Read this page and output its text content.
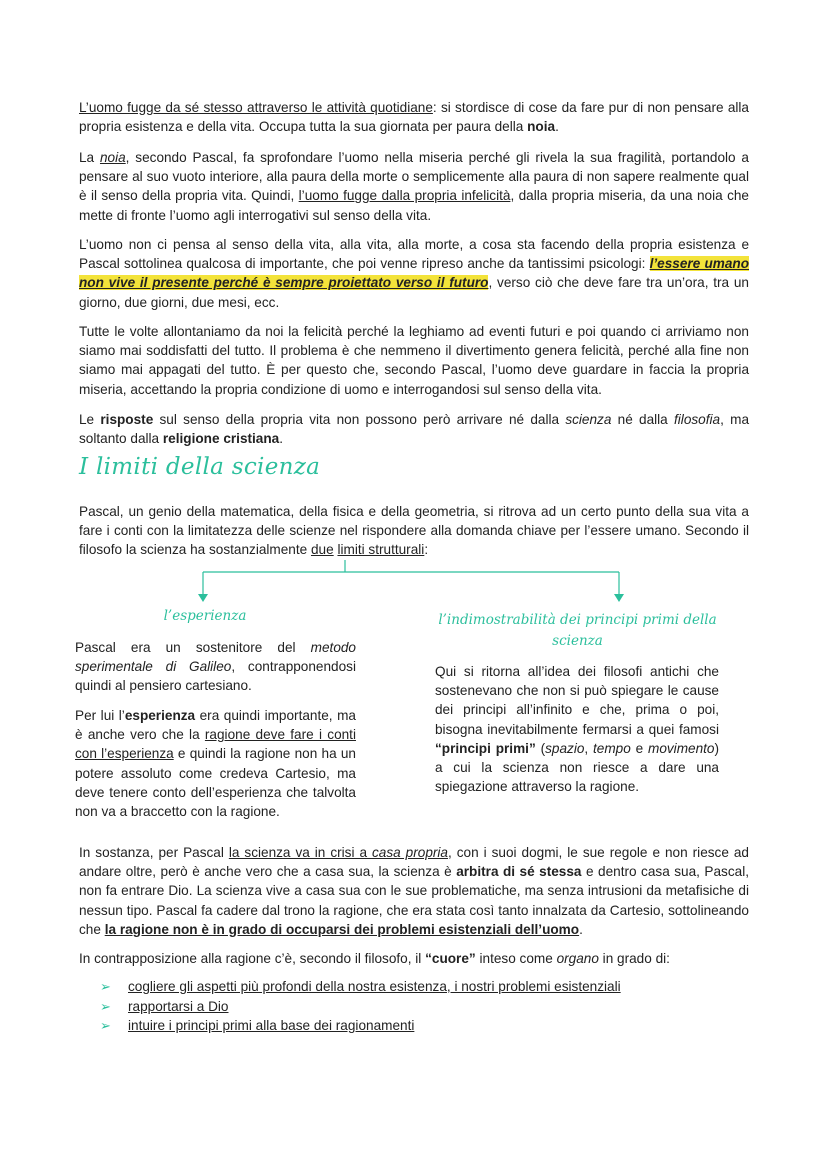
L’uomo fugge da sé stesso attraverso le attività quotidiane: si stordisce di cose da fare pur di non pensare alla propria esistenza e della vita. Occupa tutta la sua giornata per paura della noia.

La noia, secondo Pascal, fa sprofondare l’uomo nella miseria perché gli rivela la sua fragilità, portandolo a pensare al suo vuoto interiore, alla paura della morte o semplicemente alla paura di non sapere realmente qual è il senso della propria vita. Quindi, l’uomo fugge dalla propria infelicità, dalla propria miseria, da una noia che mette di fronte l’uomo agli interrogativi sul senso della vita.

L’uomo non ci pensa al senso della vita, alla vita, alla morte, a cosa sta facendo della propria esistenza e Pascal sottolinea qualcosa di importante, che poi venne ripreso anche da tantissimi psicologi: l’essere umano non vive il presente perché è sempre proiettato verso il futuro, verso ciò che deve fare tra un’ora, tra un giorno, due giorni, due mesi, ecc.

Tutte le volte allontaniamo da noi la felicità perché la leghiamo ad eventi futuri e poi quando ci arriviamo non siamo mai soddisfatti del tutto. Il problema è che nemmeno il divertimento genera felicità, perché alla fine non siamo mai appagati del tutto. È per questo che, secondo Pascal, l’uomo deve guardare in faccia la propria miseria, accettando la propria condizione di uomo e interrogandosi sul senso della vita.

Le risposte sul senso della propria vita non possono però arrivare né dalla scienza né dalla filosofia, ma soltanto dalla religione cristiana.

I limiti della scienza

Pascal, un genio della matematica, della fisica e della geometria, si ritrova ad un certo punto della sua vita a fare i conti con la limitatezza delle scienze nel rispondere alla domanda chiave per l’essere umano. Secondo il filosofo la scienza ha sostanzialmente due limiti strutturali:

l’esperienza	l’indimostrabilità dei principi primi della scienza

Pascal era un sostenitore del metodo sperimentale di Galileo, contrapponendosi quindi al pensiero cartesiano.

Per lui l’esperienza era quindi importante, ma è anche vero che la ragione deve fare i conti con l’esperienza e quindi la ragione non ha un potere assoluto come credeva Cartesio, ma deve tenere conto dell’esperienza che talvolta non va a braccetto con la ragione.

Qui si ritorna all’idea dei filosofi antichi che sostenevano che non si può spiegare le cause dei principi all’infinito e che, prima o poi, bisogna inevitabilmente fermarsi a quei famosi “principi primi” (spazio, tempo e movimento) a cui la scienza non riesce a dare una spiegazione attraverso la ragione.

In sostanza, per Pascal la scienza va in crisi a casa propria, con i suoi dogmi, le sue regole e non riesce ad andare oltre, però è anche vero che a casa sua, la scienza è arbitra di sé stessa e dentro casa sua, Pascal, non fa entrare Dio. La scienza vive a casa sua con le sue problematiche, ma senza intrusioni da metafisiche di nessun tipo. Pascal fa cadere dal trono la ragione, che era stata così tanto innalzata da Cartesio, sottolineando che la ragione non è in grado di occuparsi dei problemi esistenziali dell’uomo.

In contrapposizione alla ragione c’è, secondo il filosofo, il “cuore” inteso come organo in grado di:

➢ cogliere gli aspetti più profondi della nostra esistenza, i nostri problemi esistenziali
➢ rapportarsi a Dio
➢ intuire i principi primi alla base dei ragionamenti
